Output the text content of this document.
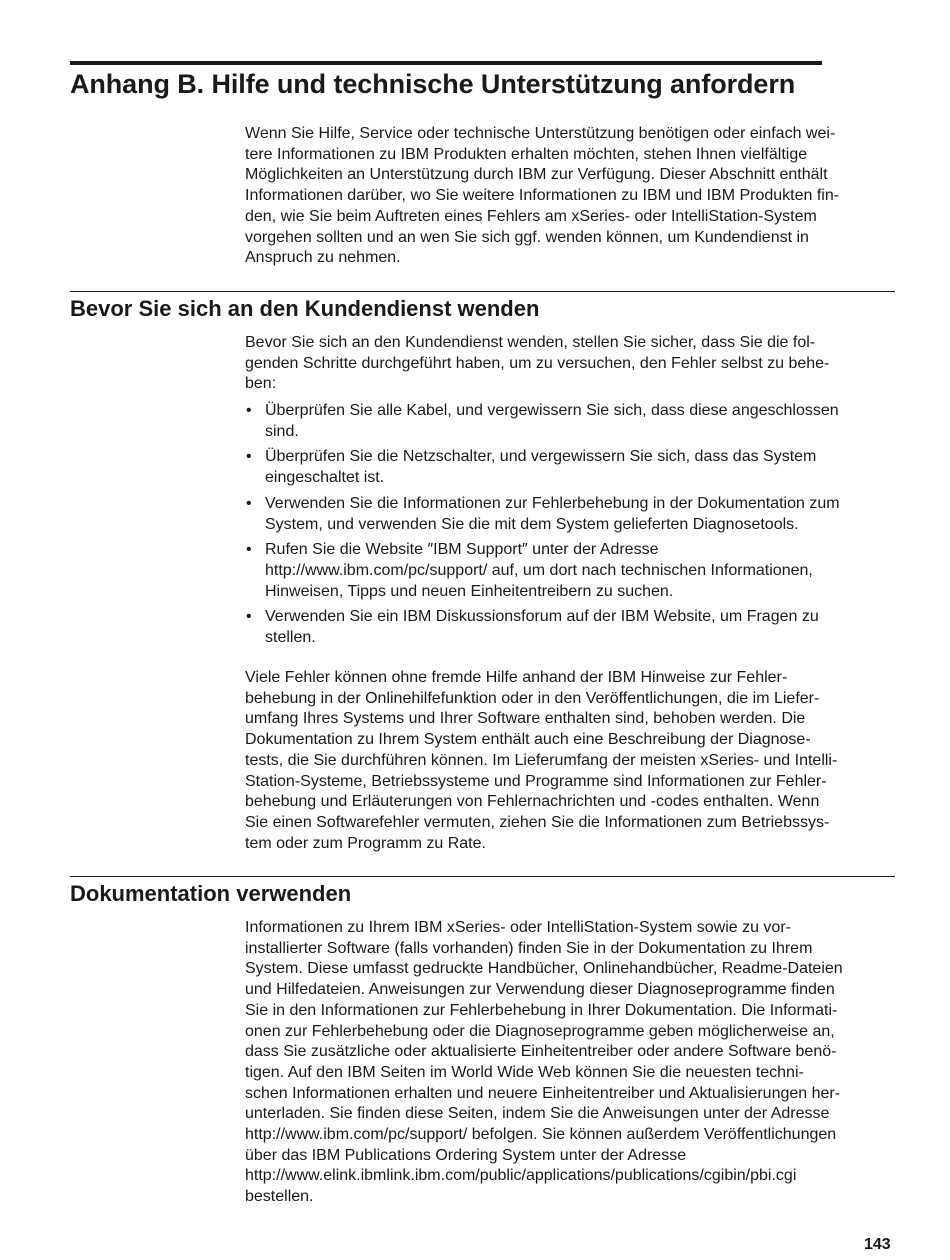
Anhang B. Hilfe und technische Unterstützung anfordern

Wenn Sie Hilfe, Service oder technische Unterstützung benötigen oder einfach wei-
tere Informationen zu IBM Produkten erhalten möchten, stehen Ihnen vielfältige
Möglichkeiten an Unterstützung durch IBM zur Verfügung. Dieser Abschnitt enthält
Informationen darüber, wo Sie weitere Informationen zu IBM und IBM Produkten fin-
den, wie Sie beim Auftreten eines Fehlers am xSeries- oder IntelliStation-System
vorgehen sollten und an wen Sie sich ggf. wenden können, um Kundendienst in
Anspruch zu nehmen.

Bevor Sie sich an den Kundendienst wenden

Bevor Sie sich an den Kundendienst wenden, stellen Sie sicher, dass Sie die fol-
genden Schritte durchgeführt haben, um zu versuchen, den Fehler selbst zu behe-
ben:

• Überprüfen Sie alle Kabel, und vergewissern Sie sich, dass diese angeschlossen
sind.
• Überprüfen Sie die Netzschalter, und vergewissern Sie sich, dass das System
eingeschaltet ist.
• Verwenden Sie die Informationen zur Fehlerbehebung in der Dokumentation zum
System, und verwenden Sie die mit dem System gelieferten Diagnosetools.
• Rufen Sie die Website ″IBM Support″ unter der Adresse
http://www.ibm.com/pc/support/ auf, um dort nach technischen Informationen,
Hinweisen, Tipps und neuen Einheitentreibern zu suchen.
• Verwenden Sie ein IBM Diskussionsforum auf der IBM Website, um Fragen zu
stellen.

Viele Fehler können ohne fremde Hilfe anhand der IBM Hinweise zur Fehler-
behebung in der Onlinehilfefunktion oder in den Veröffentlichungen, die im Liefer-
umfang Ihres Systems und Ihrer Software enthalten sind, behoben werden. Die
Dokumentation zu Ihrem System enthält auch eine Beschreibung der Diagnose-
tests, die Sie durchführen können. Im Lieferumfang der meisten xSeries- und Intelli-
Station-Systeme, Betriebssysteme und Programme sind Informationen zur Fehler-
behebung und Erläuterungen von Fehlernachrichten und -codes enthalten. Wenn
Sie einen Softwarefehler vermuten, ziehen Sie die Informationen zum Betriebssys-
tem oder zum Programm zu Rate.

Dokumentation verwenden

Informationen zu Ihrem IBM xSeries- oder IntelliStation-System sowie zu vor-
installierter Software (falls vorhanden) finden Sie in der Dokumentation zu Ihrem
System. Diese umfasst gedruckte Handbücher, Onlinehandbücher, Readme-Dateien
und Hilfedateien. Anweisungen zur Verwendung dieser Diagnoseprogramme finden
Sie in den Informationen zur Fehlerbehebung in Ihrer Dokumentation. Die Informati-
onen zur Fehlerbehebung oder die Diagnoseprogramme geben möglicherweise an,
dass Sie zusätzliche oder aktualisierte Einheitentreiber oder andere Software benö-
tigen. Auf den IBM Seiten im World Wide Web können Sie die neuesten techni-
schen Informationen erhalten und neuere Einheitentreiber und Aktualisierungen her-
unterladen. Sie finden diese Seiten, indem Sie die Anweisungen unter der Adresse
http://www.ibm.com/pc/support/ befolgen. Sie können außerdem Veröffentlichungen
über das IBM Publications Ordering System unter der Adresse
http://www.elink.ibmlink.ibm.com/public/applications/publications/cgibin/pbi.cgi
bestellen.

143
